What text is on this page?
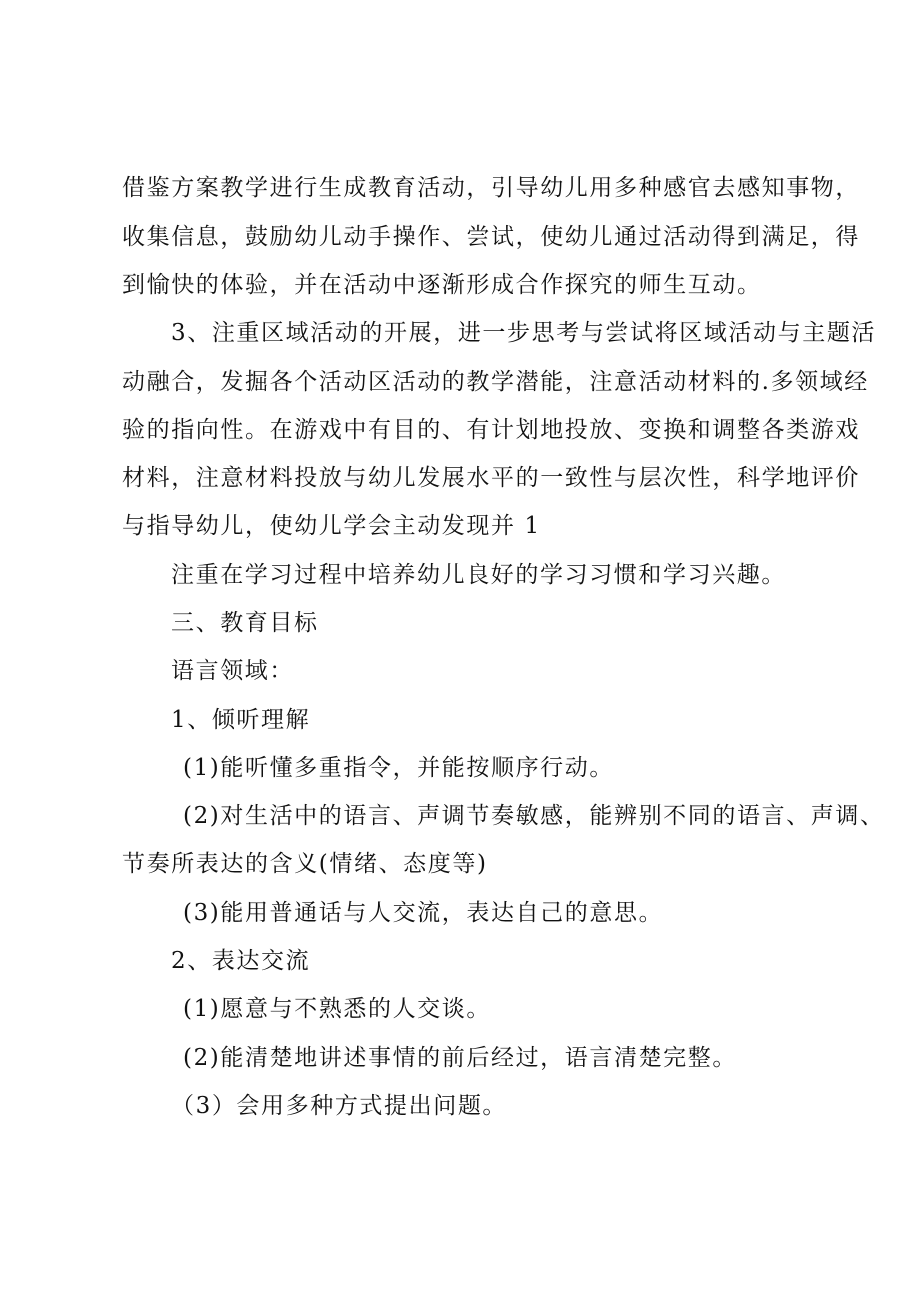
借鉴方案教学进行生成教育活动，引导幼儿用多种感官去感知事物，
收集信息，鼓励幼儿动手操作、尝试，使幼儿通过活动得到满足，得
到愉快的体验，并在活动中逐渐形成合作探究的师生互动。
3、注重区域活动的开展，进一步思考与尝试将区域活动与主题活
动融合，发掘各个活动区活动的教学潜能，注意活动材料的.多领域经
验的指向性。在游戏中有目的、有计划地投放、变换和调整各类游戏
材料，注意材料投放与幼儿发展水平的一致性与层次性，科学地评价
与指导幼儿，使幼儿学会主动发现并 1
注重在学习过程中培养幼儿良好的学习习惯和学习兴趣。
三、教育目标
语言领域：
1、倾听理解
(1)能听懂多重指令，并能按顺序行动。
(2)对生活中的语言、声调节奏敏感，能辨别不同的语言、声调、
节奏所表达的含义(情绪、态度等)
(3)能用普通话与人交流，表达自己的意思。
2、表达交流
(1)愿意与不熟悉的人交谈。
(2)能清楚地讲述事情的前后经过，语言清楚完整。
（3）会用多种方式提出问题。
